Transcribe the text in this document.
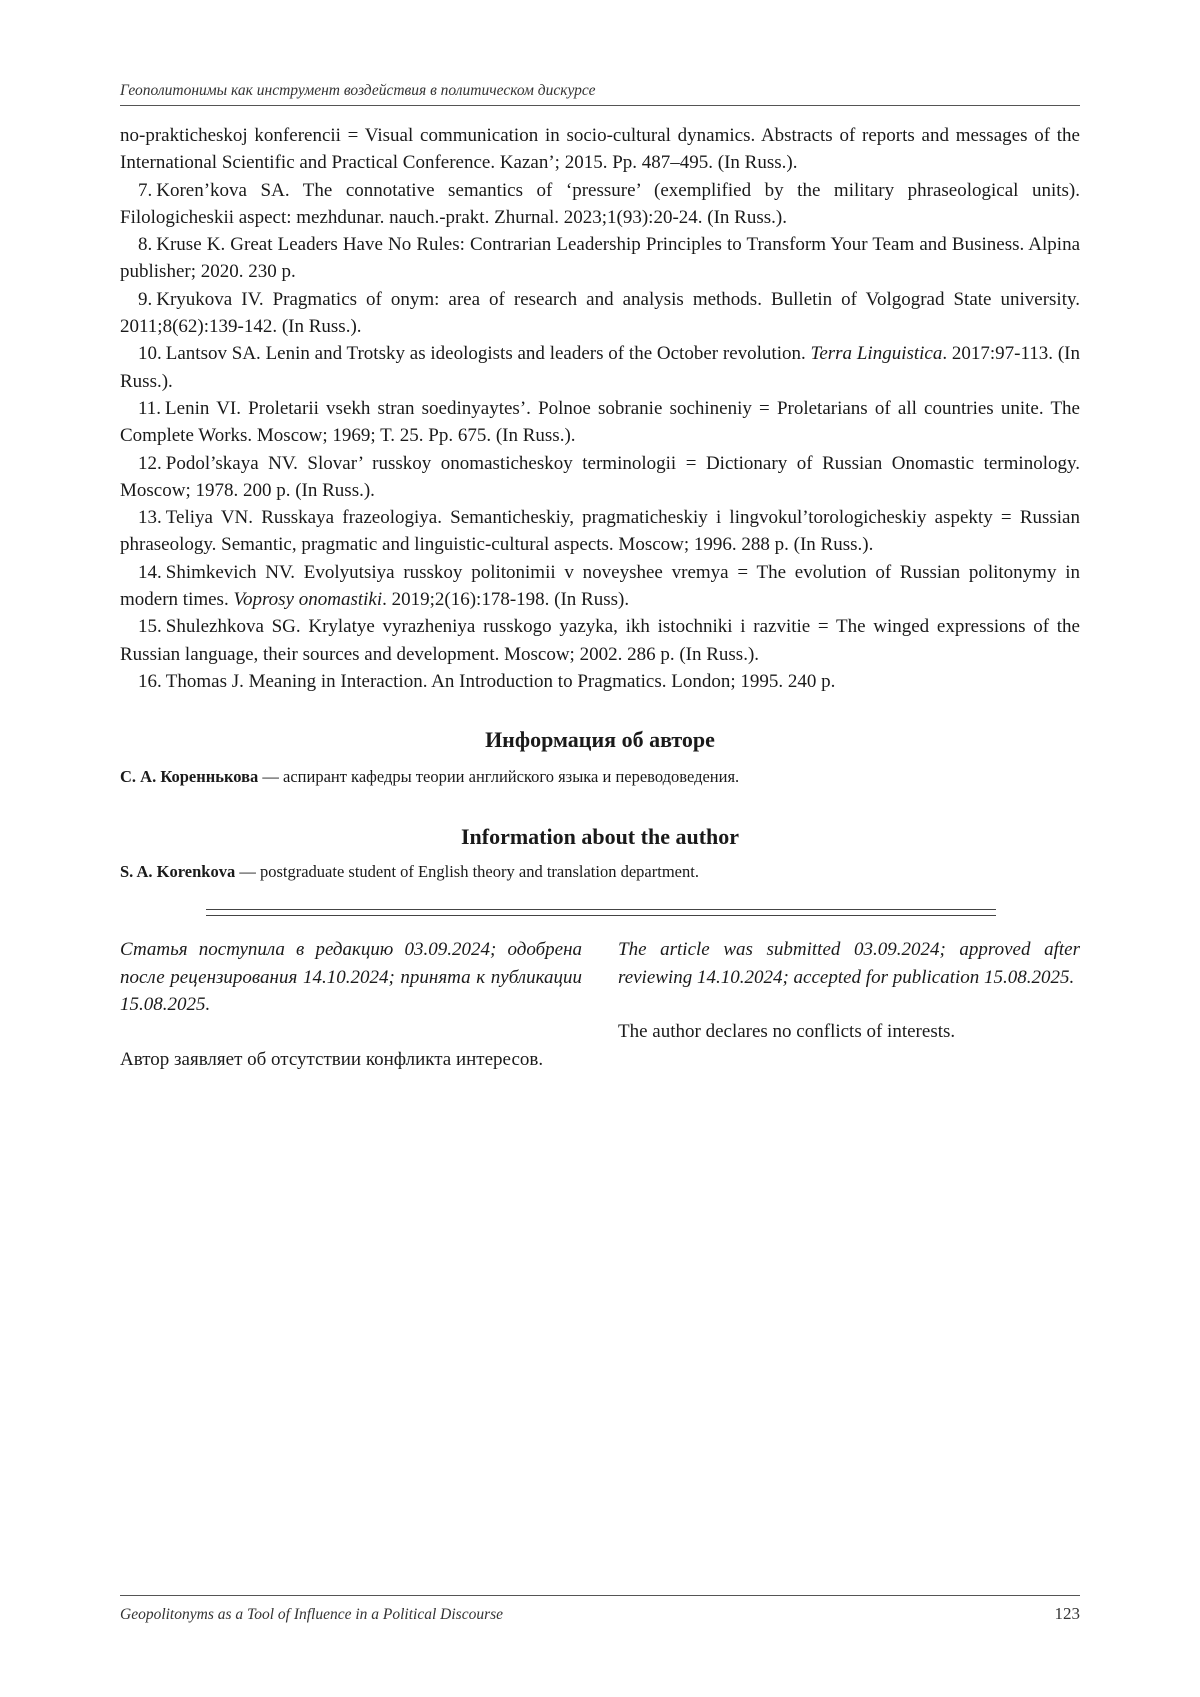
Геополитонимы как инструмент воздействия в политическом дискурсе

no-prakticheskoj konferencii = Visual communication in socio-cultural dynamics. Abstracts of reports and messages of the International Scientific and Practical Conference. Kazan’; 2015. Pp. 487–495. (In Russ.).

7. Koren’kova SA. The connotative semantics of ‘pressure’ (exemplified by the military phraseological units). Filologicheskii aspect: mezhdunar. nauch.-prakt. Zhurnal. 2023;1(93):20-24. (In Russ.).

8. Kruse K. Great Leaders Have No Rules: Contrarian Leadership Principles to Transform Your Team and Business. Alpina publisher; 2020. 230 p.

9. Kryukova IV. Pragmatics of onym: area of research and analysis methods. Bulletin of Volgograd State university. 2011;8(62):139-142. (In Russ.).

10. Lantsov SA. Lenin and Trotsky as ideologists and leaders of the October revolution. Terra Linguistica. 2017:97-113. (In Russ.).

11. Lenin VI. Proletarii vsekh stran soedinyaytes’. Polnoe sobranie sochineniy = Proletarians of all countries unite. The Complete Works. Moscow; 1969; T. 25. Pp. 675. (In Russ.).

12. Podol’skaya NV. Slovar’ russkoy onomasticheskoy terminologii = Dictionary of Russian Onomastic terminology. Moscow; 1978. 200 p. (In Russ.).

13. Teliya VN. Russkaya frazeologiya. Semanticheskiy, pragmaticheskiy i lingvokul’torologicheskiy aspekty = Russian phraseology. Semantic, pragmatic and linguistic-cultural aspects. Moscow; 1996. 288 p. (In Russ.).

14. Shimkevich NV. Evolyutsiya russkoy politonimii v noveyshee vremya = The evolution of Russian politonymy in modern times. Voprosy onomastiki. 2019;2(16):178-198. (In Russ).

15. Shulezhkova SG. Krylatye vyrazheniya russkogo yazyka, ikh istochniki i razvitie = The winged expressions of the Russian language, their sources and development. Moscow; 2002. 286 p. (In Russ.).

16. Thomas J. Meaning in Interaction. An Introduction to Pragmatics. London; 1995. 240 p.

Информация об авторе
С. А. Кореннькова — аспирант кафедры теории английского языка и переводоведения.
Information about the author
S. A. Korenkova — postgraduate student of English theory and translation department.

Статья поступила в редакцию 03.09.2024; одобрена после рецензирования 14.10.2024; принята к публикации 15.08.2025.

Автор заявляет об отсутствии конфликта интересов.

The article was submitted 03.09.2024; approved after reviewing 14.10.2024; accepted for publication 15.08.2025.

The author declares no conflicts of interests.

Geopolitonyms as a Tool of Influence in a Political Discourse	123
